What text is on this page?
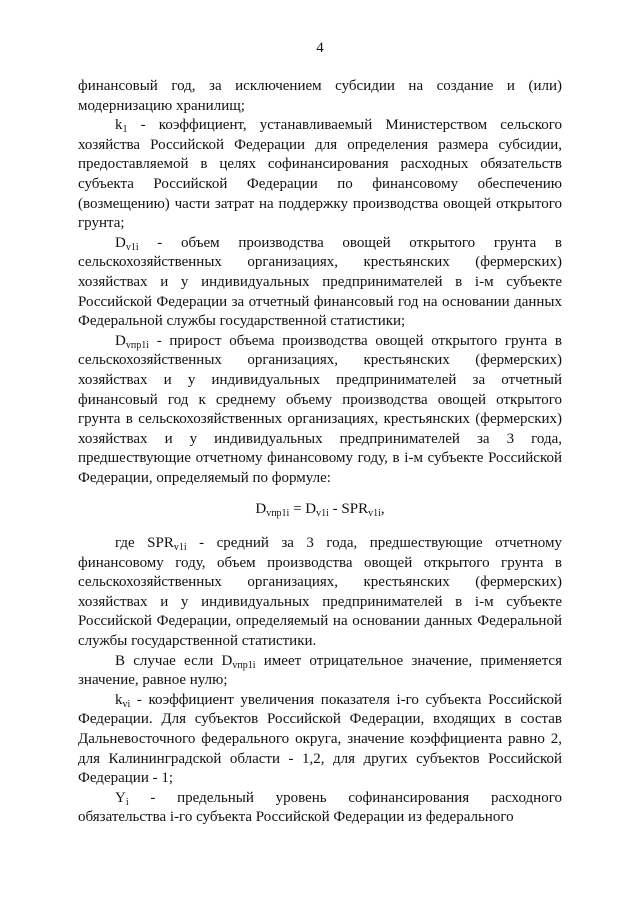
4

финансовый год, за исключением субсидии на создание и (или) модернизацию хранилищ;

$k_1$ - коэффициент, устанавливаемый Министерством сельского хозяйства Российской Федерации для определения размера субсидии, предоставляемой в целях софинансирования расходных обязательств субъекта Российской Федерации по финансовому обеспечению (возмещению) части затрат на поддержку производства овощей открытого грунта;

$D_{v1i}$ - объем производства овощей открытого грунта в сельскохозяйственных организациях, крестьянских (фермерских) хозяйствах и у индивидуальных предпринимателей в i-м субъекте Российской Федерации за отчетный финансовый год на основании данных Федеральной службы государственной статистики;

$D_{vпр1i}$ - прирост объема производства овощей открытого грунта в сельскохозяйственных организациях, крестьянских (фермерских) хозяйствах и у индивидуальных предпринимателей за отчетный финансовый год к среднему объему производства овощей открытого грунта в сельскохозяйственных организациях, крестьянских (фермерских) хозяйствах и у индивидуальных предпринимателей за 3 года, предшествующие отчетному финансовому году, в i-м субъекте Российской Федерации, определяемый по формуле:

$D_{vпр1i} = D_{v1i} - SPR_{v1i}$,

где $SPR_{v1i}$ - средний за 3 года, предшествующие отчетному финансовому году, объем производства овощей открытого грунта в сельскохозяйственных организациях, крестьянских (фермерских) хозяйствах и у индивидуальных предпринимателей в i-м субъекте Российской Федерации, определяемый на основании данных Федеральной службы государственной статистики.

В случае если $D_{vпр1i}$ имеет отрицательное значение, применяется значение, равное нулю;

$k_{vi}$ - коэффициент увеличения показателя i-го субъекта Российской Федерации. Для субъектов Российской Федерации, входящих в состав Дальневосточного федерального округа, значение коэффициента равно 2, для Калининградской области - 1,2, для других субъектов Российской Федерации - 1;

$Y_i$ - предельный уровень софинансирования расходного обязательства i-го субъекта Российской Федерации из федерального
